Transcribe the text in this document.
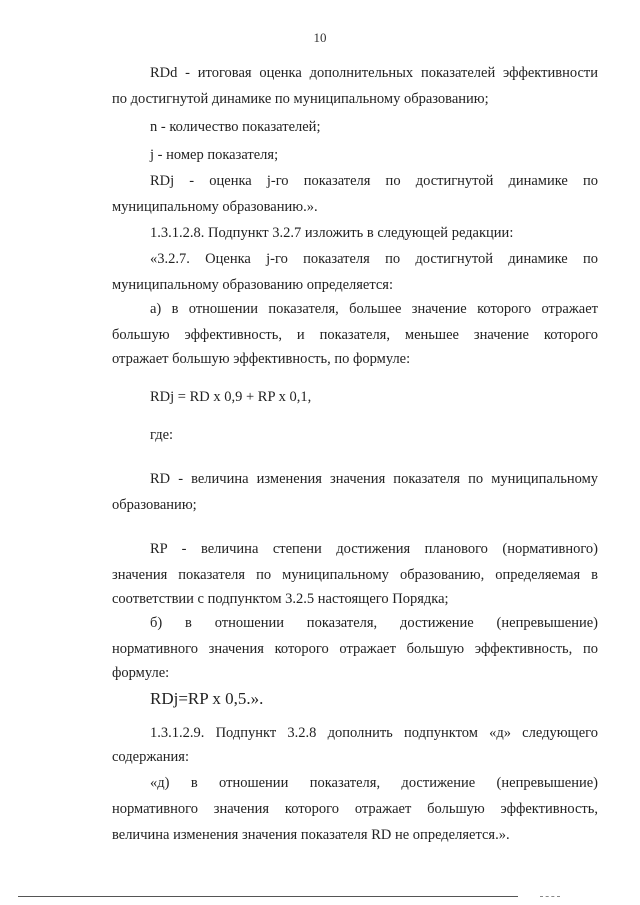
10
RDd - итоговая оценка дополнительных показателей эффективности
по достигнутой динамике по муниципальному образованию;
n - количество показателей;
j - номер показателя;
RDj - оценка j-го показателя по достигнутой динамике по
муниципальному образованию.».
1.3.1.2.8. Подпункт 3.2.7 изложить в следующей редакции:
«3.2.7. Оценка j-го показателя по достигнутой динамике по
муниципальному образованию определяется:
а) в отношении показателя, большее значение которого отражает
большую эффективность, и показателя, меньшее значение которого
отражает большую эффективность, по формуле:
RDj = RD x 0,9 + RP x 0,1,
где:
RD - величина изменения значения показателя по муниципальному
образованию;
RP - величина степени достижения планового (нормативного)
значения показателя по муниципальному образованию, определяемая в
соответствии с подпунктом 3.2.5 настоящего Порядка;
б) в отношении показателя, достижение (непревышение)
нормативного значения которого отражает большую эффективность, по
формуле:
RDj=RP x 0,5.».
1.3.1.2.9. Подпункт 3.2.8 дополнить подпунктом «д» следующего
содержания:
«д) в отношении показателя, достижение (непревышение)
нормативного значения которого отражает большую эффективность,
величина изменения значения показателя RD не определяется.».
